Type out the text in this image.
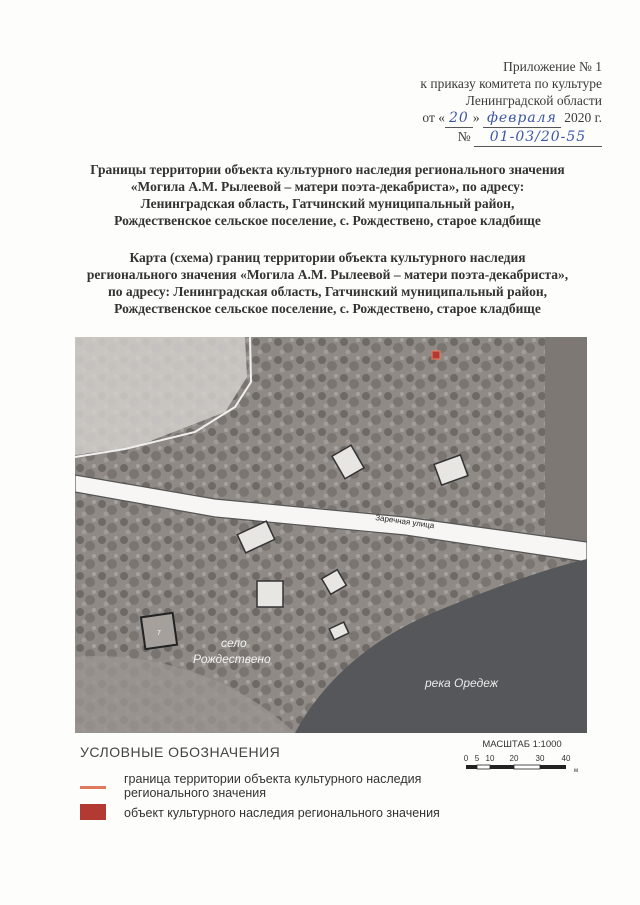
Приложение № 1
к приказу комитета по культуре
Ленинградской области
от « 20 » февраля 2020 г.
№ 01-03/20-55
Границы территории объекта культурного наследия регионального значения
«Могила А.М. Рылеевой – матери поэта-декабриста», по адресу:
Ленинградская область, Гатчинский муниципальный район,
Рождественское сельское поселение, с. Рождествено, старое кладбище
Карта (схема) границ территории объекта культурного наследия
регионального значения «Могила А.М. Рылеевой – матери поэта-декабриста»,
по адресу: Ленинградская область, Гатчинский муниципальный район,
Рождественское сельское поселение, с. Рождествено, старое кладбище
Заречная улица
7
село
Рождествено
река Оредеж
УСЛОВНЫЕ ОБОЗНАЧЕНИЯ	МАСШТАБ 1:1000
0 5 10 20 30 40
м
граница территории объекта культурного наследия
регионального значения
объект культурного наследия регионального значения
